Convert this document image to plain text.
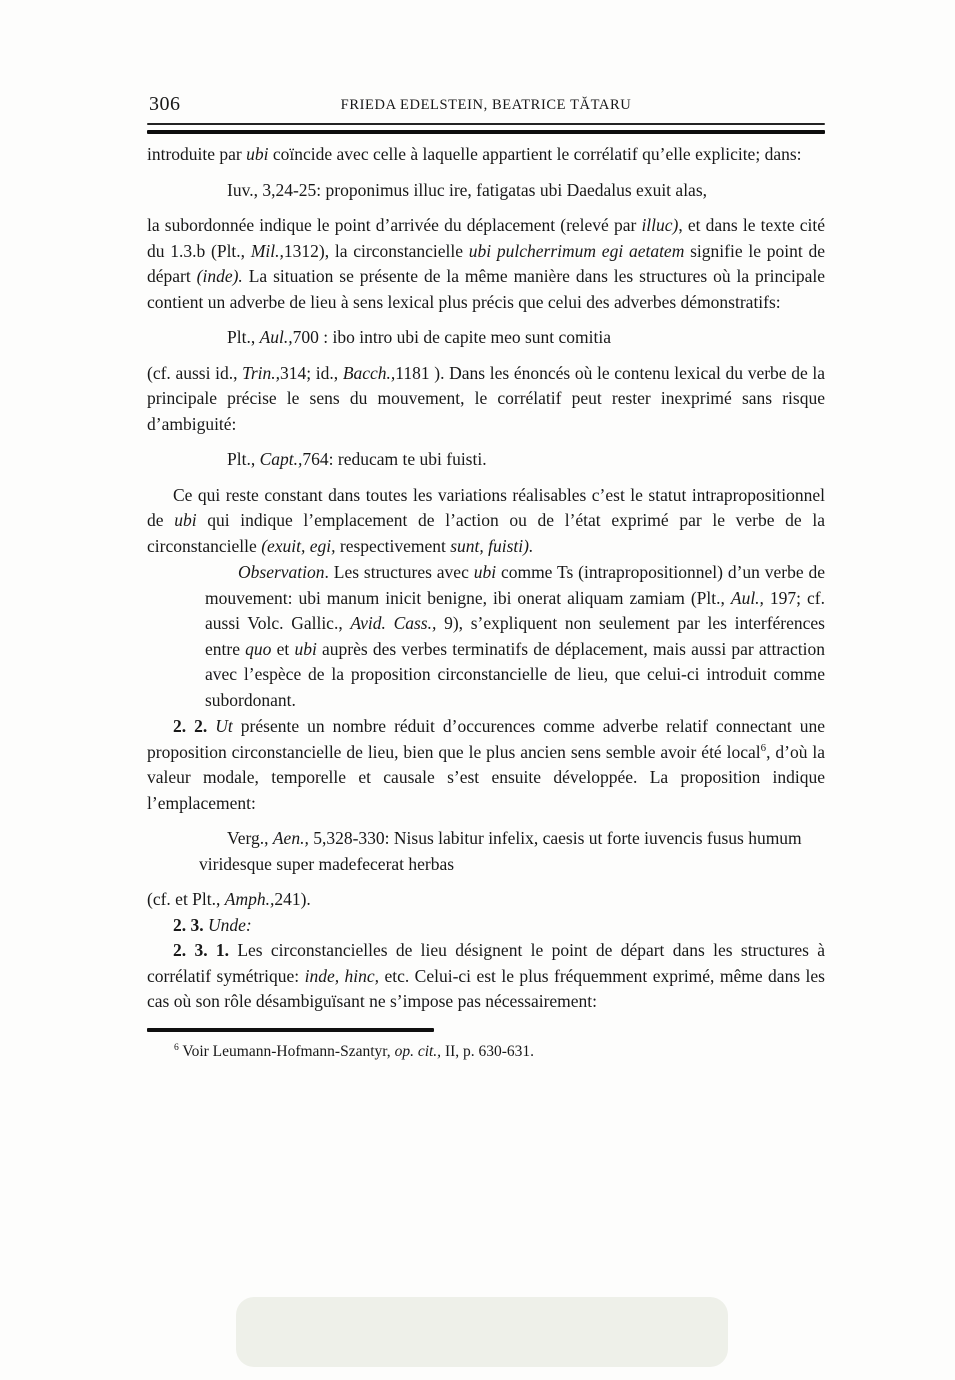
306	FRIEDA EDELSTEIN, BEATRICE TĂTARU
introduite par ubi coïncide avec celle à laquelle appartient le corrélatif qu’elle explicite; dans:
Iuv., 3,24-25: proponimus illuc ire, fatigatas ubi Daedalus exuit alas,
la subordonnée indique le point d’arrivée du déplacement (relevé par illuc), et dans le texte cité du 1.3.b (Plt., Mil.,1312), la circonstancielle ubi pulcherrimum egi aetatem signifie le point de départ (inde). La situation se présente de la même manière dans les structures où la principale contient un adverbe de lieu à sens lexical plus précis que celui des adverbes démonstratifs:
Plt., Aul.,700 : ibo intro ubi de capite meo sunt comitia
(cf. aussi id., Trin.,314; id., Bacch.,1181 ). Dans les énoncés où le contenu lexical du verbe de la principale précise le sens du mouvement, le corrélatif peut rester inexprimé sans risque d’ambiguité:
Plt., Capt.,764: reducam te ubi fuisti.
Ce qui reste constant dans toutes les variations réalisables c’est le statut intrapropositionnel de ubi qui indique l’emplacement de l’action ou de l’état exprimé par le verbe de la circonstancielle (exuit, egi, respectivement sunt, fuisti).
Observation. Les structures avec ubi comme Ts (intrapropositionnel) d’un verbe de mouvement: ubi manum inicit benigne, ibi onerat aliquam zamiam (Plt., Aul., 197; cf. aussi Volc. Gallic., Avid. Cass., 9), s’expliquent non seulement par les interférences entre quo et ubi auprès des verbes terminatifs de déplacement, mais aussi par attraction avec l’espèce de la proposition circonstancielle de lieu, que celui-ci introduit comme subordonant.
2. 2. Ut présente un nombre réduit d’occurences comme adverbe relatif connectant une proposition circonstancielle de lieu, bien que le plus ancien sens semble avoir été local$^6$, d’où la valeur modale, temporelle et causale s’est ensuite développée. La proposition indique l’emplacement:
Verg., Aen., 5,328-330: Nisus labitur infelix, caesis ut forte iuvencis fusus humum viridesque super madefecerat herbas
(cf. et Plt., Amph.,241).
2. 3. Unde:
2. 3. 1. Les circonstancielles de lieu désignent le point de départ dans les structures à corrélatif symétrique: inde, hinc, etc. Celui-ci est le plus fréquemment exprimé, même dans les cas où son rôle désambiguïsant ne s’impose pas nécessairement:
$^6$ Voir Leumann-Hofmann-Szantyr, op. cit., II, p. 630-631.
